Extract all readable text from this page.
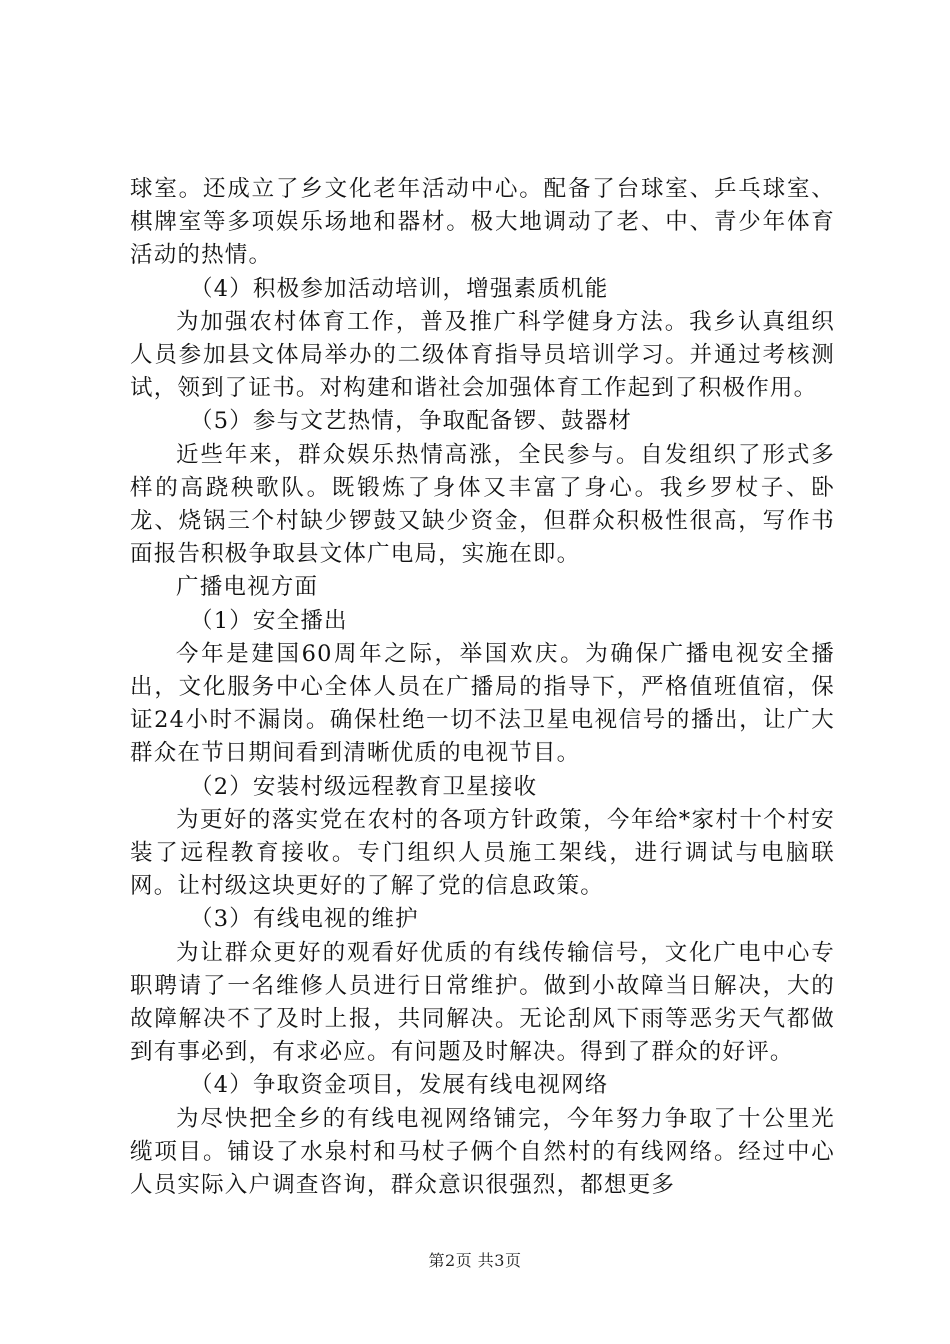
球室。还成立了乡文化老年活动中心。配备了台球室、乒乓球室、棋牌室等多项娱乐场地和器材。极大地调动了老、中、青少年体育活动的热情。

（4）积极参加活动培训，增强素质机能

为加强农村体育工作，普及推广科学健身方法。我乡认真组织人员参加县文体局举办的二级体育指导员培训学习。并通过考核测试，领到了证书。对构建和谐社会加强体育工作起到了积极作用。

（5）参与文艺热情，争取配备锣、鼓器材

近些年来，群众娱乐热情高涨，全民参与。自发组织了形式多样的高跷秧歌队。既锻炼了身体又丰富了身心。我乡罗杖子、卧龙、烧锅三个村缺少锣鼓又缺少资金，但群众积极性很高，写作书面报告积极争取县文体广电局，实施在即。

广播电视方面

（1）安全播出

今年是建国60周年之际，举国欢庆。为确保广播电视安全播出，文化服务中心全体人员在广播局的指导下，严格值班值宿，保证24小时不漏岗。确保杜绝一切不法卫星电视信号的播出，让广大群众在节日期间看到清晰优质的电视节目。

（2）安装村级远程教育卫星接收

为更好的落实党在农村的各项方针政策，今年给*家村十个村安装了远程教育接收。专门组织人员施工架线，进行调试与电脑联网。让村级这块更好的了解了党的信息政策。

（3）有线电视的维护

为让群众更好的观看好优质的有线传输信号，文化广电中心专职聘请了一名维修人员进行日常维护。做到小故障当日解决，大的故障解决不了及时上报，共同解决。无论刮风下雨等恶劣天气都做到有事必到，有求必应。有问题及时解决。得到了群众的好评。

（4）争取资金项目，发展有线电视网络

为尽快把全乡的有线电视网络铺完，今年努力争取了十公里光缆项目。铺设了水泉村和马杖子俩个自然村的有线网络。经过中心人员实际入户调查咨询，群众意识很强烈，都想更多

第2页 共3页
